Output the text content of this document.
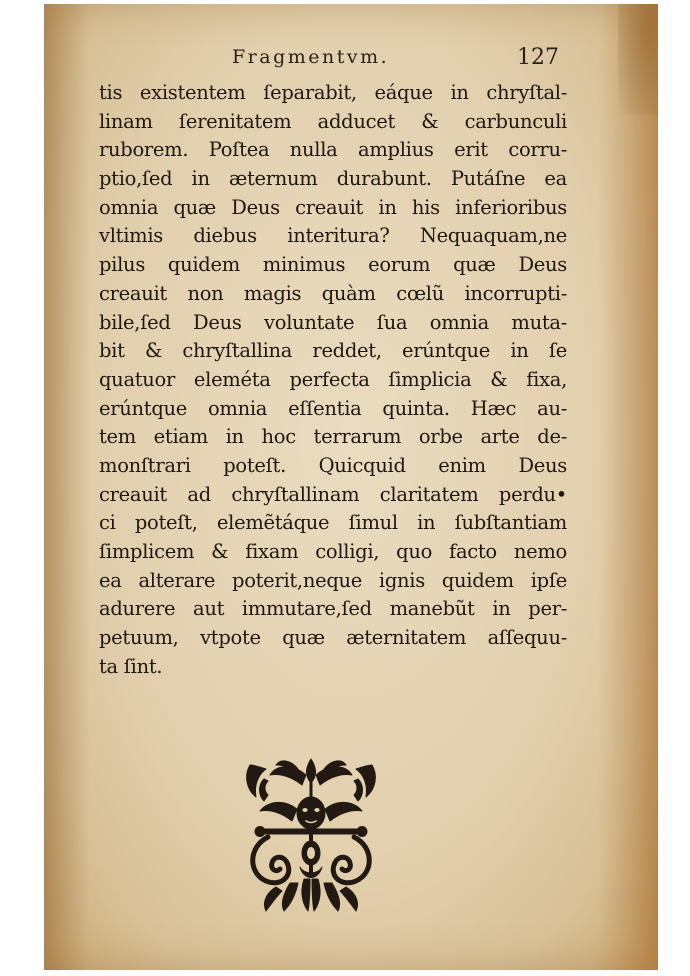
Fragmentvm.	127
tis existentem ſeparabit, eáque in chryſtal-
linam ſerenitatem adducet & carbunculi
ruborem. Poſtea nulla amplius erit corru-
ptio,ſed in æternum durabunt. Putáſne ea
omnia quæ Deus creauit in his inferioribus
vltimis diebus interitura? Nequaquam,ne
pilus quidem minimus eorum quæ Deus
creauit non magis quàm cœlũ incorrupti-
bile,ſed Deus voluntate ſua omnia muta-
bit & chryſtallina reddet, erúntque in ſe
quatuor eleméta perfecta ſimplicia & fixa,
erúntque omnia eſſentia quinta. Hæc au-
tem etiam in hoc terrarum orbe arte de-
monſtrari poteſt. Quicquid enim Deus
creauit ad chryſtallinam claritatem perdu•
ci poteſt, elemẽtáque ſimul in ſubſtantiam
ſimplicem & fixam colligi, quo facto nemo
ea alterare poterit,neque ignis quidem ipſe
adurere aut immutare,ſed manebũt in per-
petuum, vtpote quæ æternitatem aſſequu-
ta ſint.
